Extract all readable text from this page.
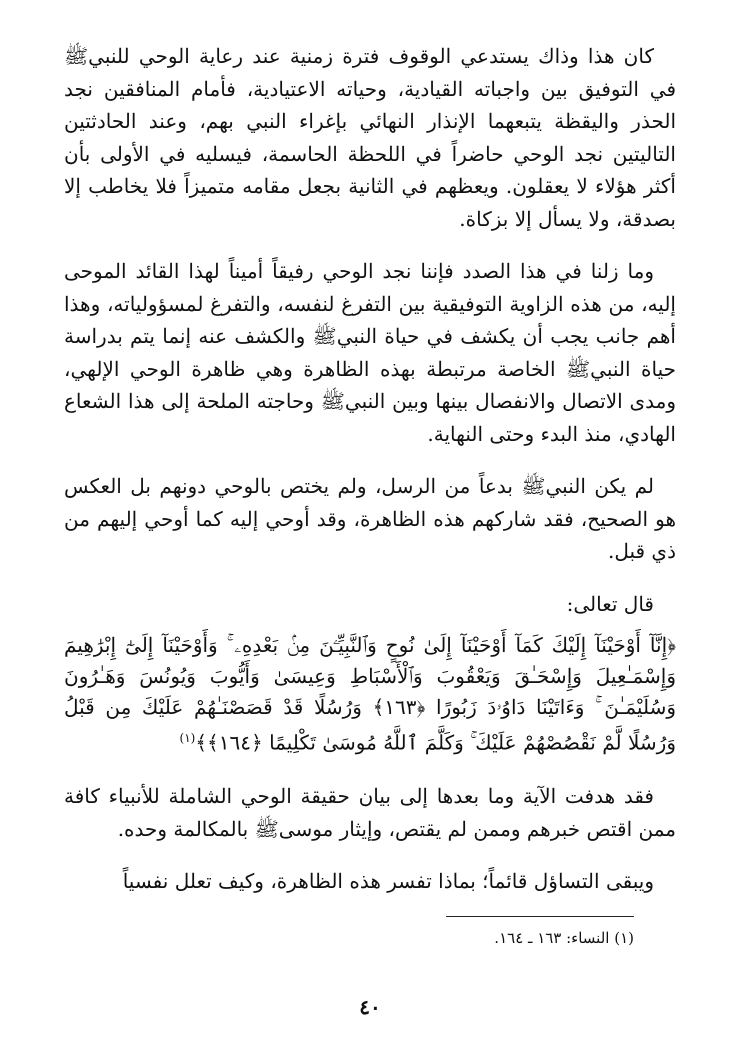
كان هذا وذاك يستدعي الوقوف فترة زمنية عند رعاية الوحي للنبيﷺ في التوفيق بين واجباته القيادية، وحياته الاعتيادية، فأمام المنافقين نجد الحذر واليقظة يتبعهما الإنذار النهائي بإغراء النبي بهم، وعند الحادثتين التاليتين نجد الوحي حاضراً في اللحظة الحاسمة، فيسليه في الأولى بأن أكثر هؤلاء لا يعقلون. ويعظهم في الثانية بجعل مقامه متميزاً فلا يخاطب إلا بصدقة، ولا يسأل إلا بزكاة.

وما زلنا في هذا الصدد فإننا نجد الوحي رفيقاً أميناً لهذا القائد الموحى إليه، من هذه الزاوية التوفيقية بين التفرغ لنفسه، والتفرغ لمسؤولياته، وهذا أهم جانب يجب أن يكشف في حياة النبيﷺ والكشف عنه إنما يتم بدراسة حياة النبيﷺ الخاصة مرتبطة بهذه الظاهرة وهي ظاهرة الوحي الإلهي، ومدى الاتصال والانفصال بينها وبين النبيﷺ وحاجته الملحة إلى هذا الشعاع الهادي، منذ البدء وحتى النهاية.

لم يكن النبيﷺ بدعاً من الرسل، ولم يختص بالوحي دونهم بل العكس هو الصحيح، فقد شاركهم هذه الظاهرة، وقد أوحي إليه كما أوحي إليهم من ذي قبل.

قال تعالى:

﴿إِنَّآ أَوْحَيْنَآ إِلَيْكَ كَمَآ أَوْحَيْنَآ إِلَىٰ نُوحٍ وَٱلنَّبِيِّـۧنَ مِنۢ بَعْدِهِۦ ۚ وَأَوْحَيْنَآ إِلَىٰٓ إِبْرَٰهِيمَ وَإِسْمَـٰعِيلَ وَإِسْحَـٰقَ وَيَعْقُوبَ وَٱلْأَسْبَاطِ وَعِيسَىٰ وَأَيُّوبَ وَيُونُسَ وَهَـٰرُونَ وَسُلَيْمَـٰنَ ۚ وَءَاتَيْنَا دَاوُۥدَ زَبُورًا ﴿١٦٣﴾ وَرُسُلًا قَدْ قَصَصْنَـٰهُمْ عَلَيْكَ مِن قَبْلُ وَرُسُلًا لَّمْ نَقْصُصْهُمْ عَلَيْكَ ۚ وَكَلَّمَ ٱللَّهُ مُوسَىٰ تَكْلِيمًا ﴿١٦٤﴾﴾$^{(١)}$

فقد هدفت الآية وما بعدها إلى بيان حقيقة الوحي الشاملة للأنبياء كافة ممن اقتص خبرهم وممن لم يقتص، وإيثار موسىﷺ بالمكالمة وحده.

ويبقى التساؤل قائماً؛ بماذا تفسر هذه الظاهرة، وكيف تعلل نفسياً

(١) النساء: ١٦٣ ـ ١٦٤.
٤٠
